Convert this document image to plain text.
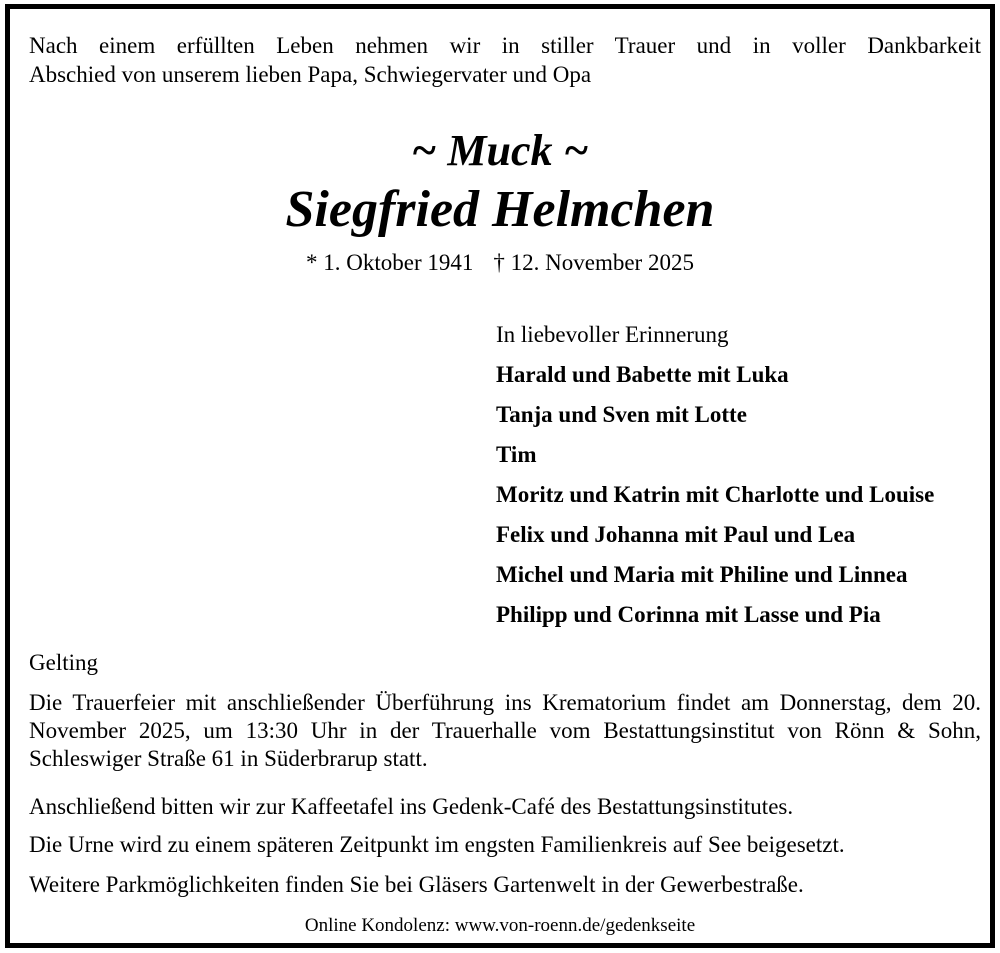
Nach einem erfüllten Leben nehmen wir in stiller Trauer und in voller Dankbarkeit
Abschied von unserem lieben Papa, Schwiegervater und Opa
~ Muck ~
Siegfried Helmchen
* 1. Oktober 1941 † 12. November 2025
In liebevoller Erinnerung
Harald und Babette mit Luka
Tanja und Sven mit Lotte
Tim
Moritz und Katrin mit Charlotte und Louise
Felix und Johanna mit Paul und Lea
Michel und Maria mit Philine und Linnea
Philipp und Corinna mit Lasse und Pia
Gelting
Die Trauerfeier mit anschließender Überführung ins Krematorium findet am Donnerstag, dem 20. November 2025, um 13:30 Uhr in der Trauerhalle vom Bestattungsinstitut von Rönn & Sohn, Schleswiger Straße 61 in Süderbrarup statt.
Anschließend bitten wir zur Kaffeetafel ins Gedenk-Café des Bestattungsinstitutes.
Die Urne wird zu einem späteren Zeitpunkt im engsten Familienkreis auf See beigesetzt.
Weitere Parkmöglichkeiten finden Sie bei Gläsers Gartenwelt in der Gewerbestraße.
Online Kondolenz: www.von-roenn.de/gedenkseite
